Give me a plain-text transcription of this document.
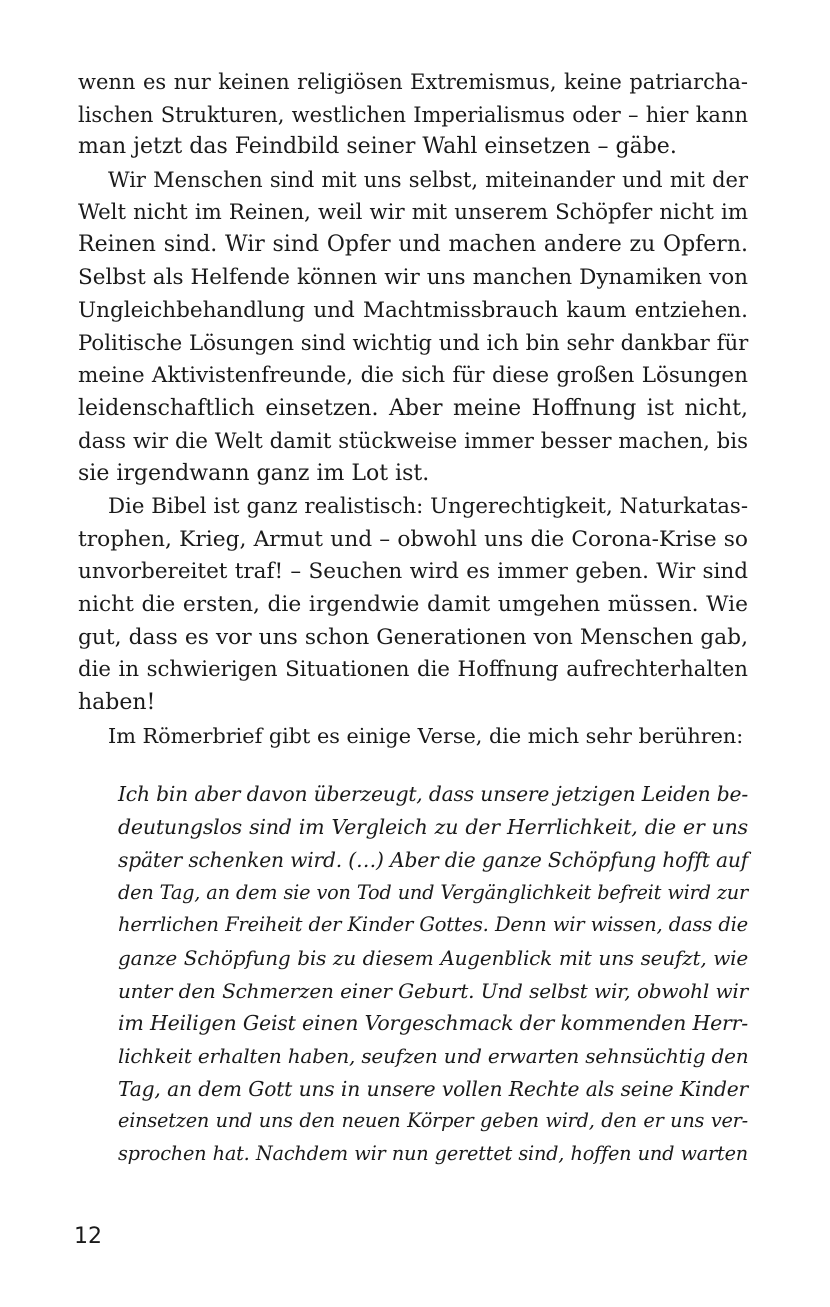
wenn es nur keinen religiösen Extremismus, keine patriarcha-
lischen Strukturen, westlichen Imperialismus oder – hier kann
man jetzt das Feindbild seiner Wahl einsetzen – gäbe.
Wir Menschen sind mit uns selbst, miteinander und mit der
Welt nicht im Reinen, weil wir mit unserem Schöpfer nicht im
Reinen sind. Wir sind Opfer und machen andere zu Opfern.
Selbst als Helfende können wir uns manchen Dynamiken von
Ungleichbehandlung und Machtmissbrauch kaum entziehen.
Politische Lösungen sind wichtig und ich bin sehr dankbar für
meine Aktivistenfreunde, die sich für diese großen Lösungen
leidenschaftlich einsetzen. Aber meine Hoffnung ist nicht,
dass wir die Welt damit stückweise immer besser machen, bis
sie irgendwann ganz im Lot ist.
Die Bibel ist ganz realistisch: Ungerechtigkeit, Naturkatas-
trophen, Krieg, Armut und – obwohl uns die Corona-Krise so
unvorbereitet traf! – Seuchen wird es immer geben. Wir sind
nicht die ersten, die irgendwie damit umgehen müssen. Wie
gut, dass es vor uns schon Generationen von Menschen gab,
die in schwierigen Situationen die Hoffnung aufrechterhalten
haben!
Im Römerbrief gibt es einige Verse, die mich sehr berühren:
Ich bin aber davon überzeugt, dass unsere jetzigen Leiden be-
deutungslos sind im Vergleich zu der Herrlichkeit, die er uns
später schenken wird. (…) Aber die ganze Schöpfung hofft auf
den Tag, an dem sie von Tod und Vergänglichkeit befreit wird zur
herrlichen Freiheit der Kinder Gottes. Denn wir wissen, dass die
ganze Schöpfung bis zu diesem Augenblick mit uns seufzt, wie
unter den Schmerzen einer Geburt. Und selbst wir, obwohl wir
im Heiligen Geist einen Vorgeschmack der kommenden Herr-
lichkeit erhalten haben, seufzen und erwarten sehnsüchtig den
Tag, an dem Gott uns in unsere vollen Rechte als seine Kinder
einsetzen und uns den neuen Körper geben wird, den er uns ver-
sprochen hat. Nachdem wir nun gerettet sind, hoffen und warten
12
